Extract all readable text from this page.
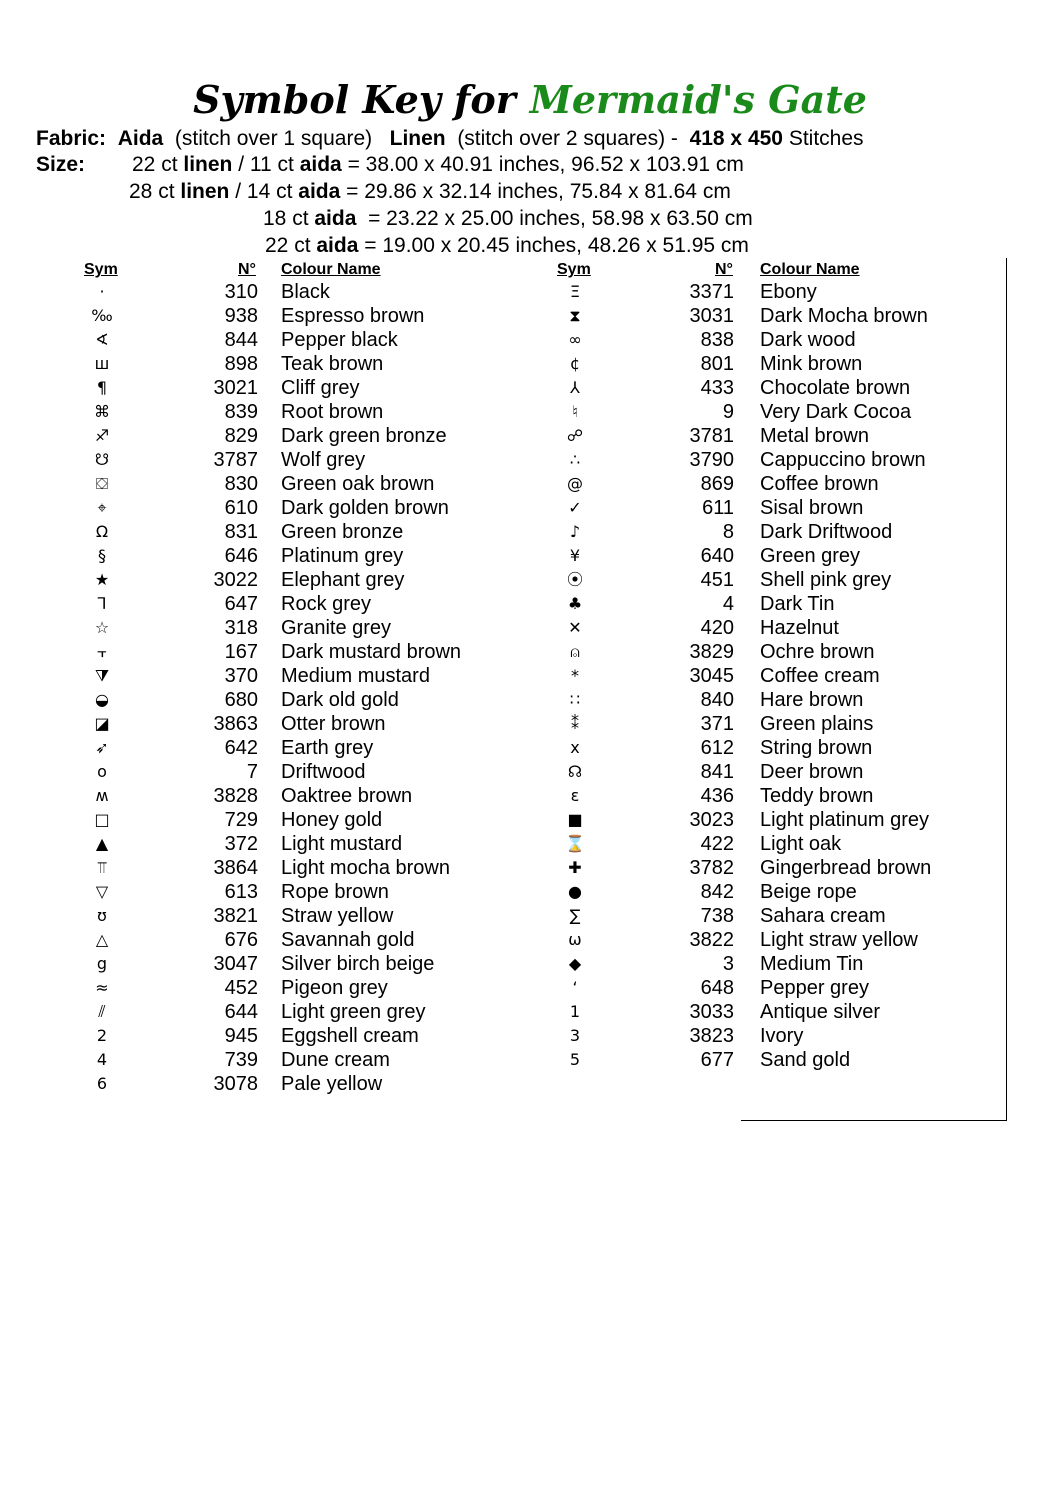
Symbol Key for Mermaid's Gate
Fabric: Aida (stitch over 1 square) Linen (stitch over 2 squares) - 418 x 450 Stitches
Size: 22 ct linen / 11 ct aida = 38.00 x 40.91 inches, 96.52 x 103.91 cm
28 ct linen / 14 ct aida = 29.86 x 32.14 inches, 75.84 x 81.64 cm
18 ct aida  = 23.22 x 25.00 inches, 58.98 x 63.50 cm
22 ct aida = 19.00 x 20.45 inches, 48.26 x 51.95 cm
Sym	N° Colour Name	Sym	N° Colour Name
·	310 Black
‰	938 Espresso brown
∢	844 Pepper black
ш	898 Teak brown
¶	3021 Cliff grey
⌘	839 Root brown
♐	829 Dark green bronze
☋	3787 Wolf grey
⛋	830 Green oak brown
⌖	610 Dark golden brown
Ω	831 Green bronze
§	646 Platinum grey
★	3022 Elephant grey
⅂	647 Rock grey
☆	318 Granite grey
⫟	167 Dark mustard brown
⧩	370 Medium mustard
◒	680 Dark old gold
◪	3863 Otter brown
➶	642 Earth grey
o	7 Driftwood
ʍ	3828 Oaktree brown
□	729 Honey gold
▲	372 Light mustard
⫪	3864 Light mocha brown
▽	613 Rope brown
ʊ	3821 Straw yellow
△	676 Savannah gold
g	3047 Silver birch beige
≈	452 Pigeon grey
⫽	644 Light green grey
2	945 Eggshell cream
4	739 Dune cream
6	3078 Pale yellow
Ξ	3371 Ebony
⧗	3031 Dark Mocha brown
∞	838 Dark wood
¢	801 Mink brown
⅄	433 Chocolate brown
♮	9 Very Dark Cocoa
☍	3781 Metal brown
∴	3790 Cappuccino brown
@	869 Coffee brown
✓	611 Sisal brown
♪	8 Dark Driftwood
¥	640 Green grey
⦿	451 Shell pink grey
♣	4 Dark Tin
✕	420 Hazelnut
⍝	3829 Ochre brown
*	3045 Coffee cream
∷	840 Hare brown
⁑	371 Green plains
x	612 String brown
☊	841 Deer brown
ɛ	436 Teddy brown
■	3023 Light platinum grey
⌛	422 Light oak
✚	3782 Gingerbread brown
●	842 Beige rope
∑	738 Sahara cream
ω	3822 Light straw yellow
◆	3 Medium Tin
‘	648 Pepper grey
1	3033 Antique silver
3	3823 Ivory
5	677 Sand gold
